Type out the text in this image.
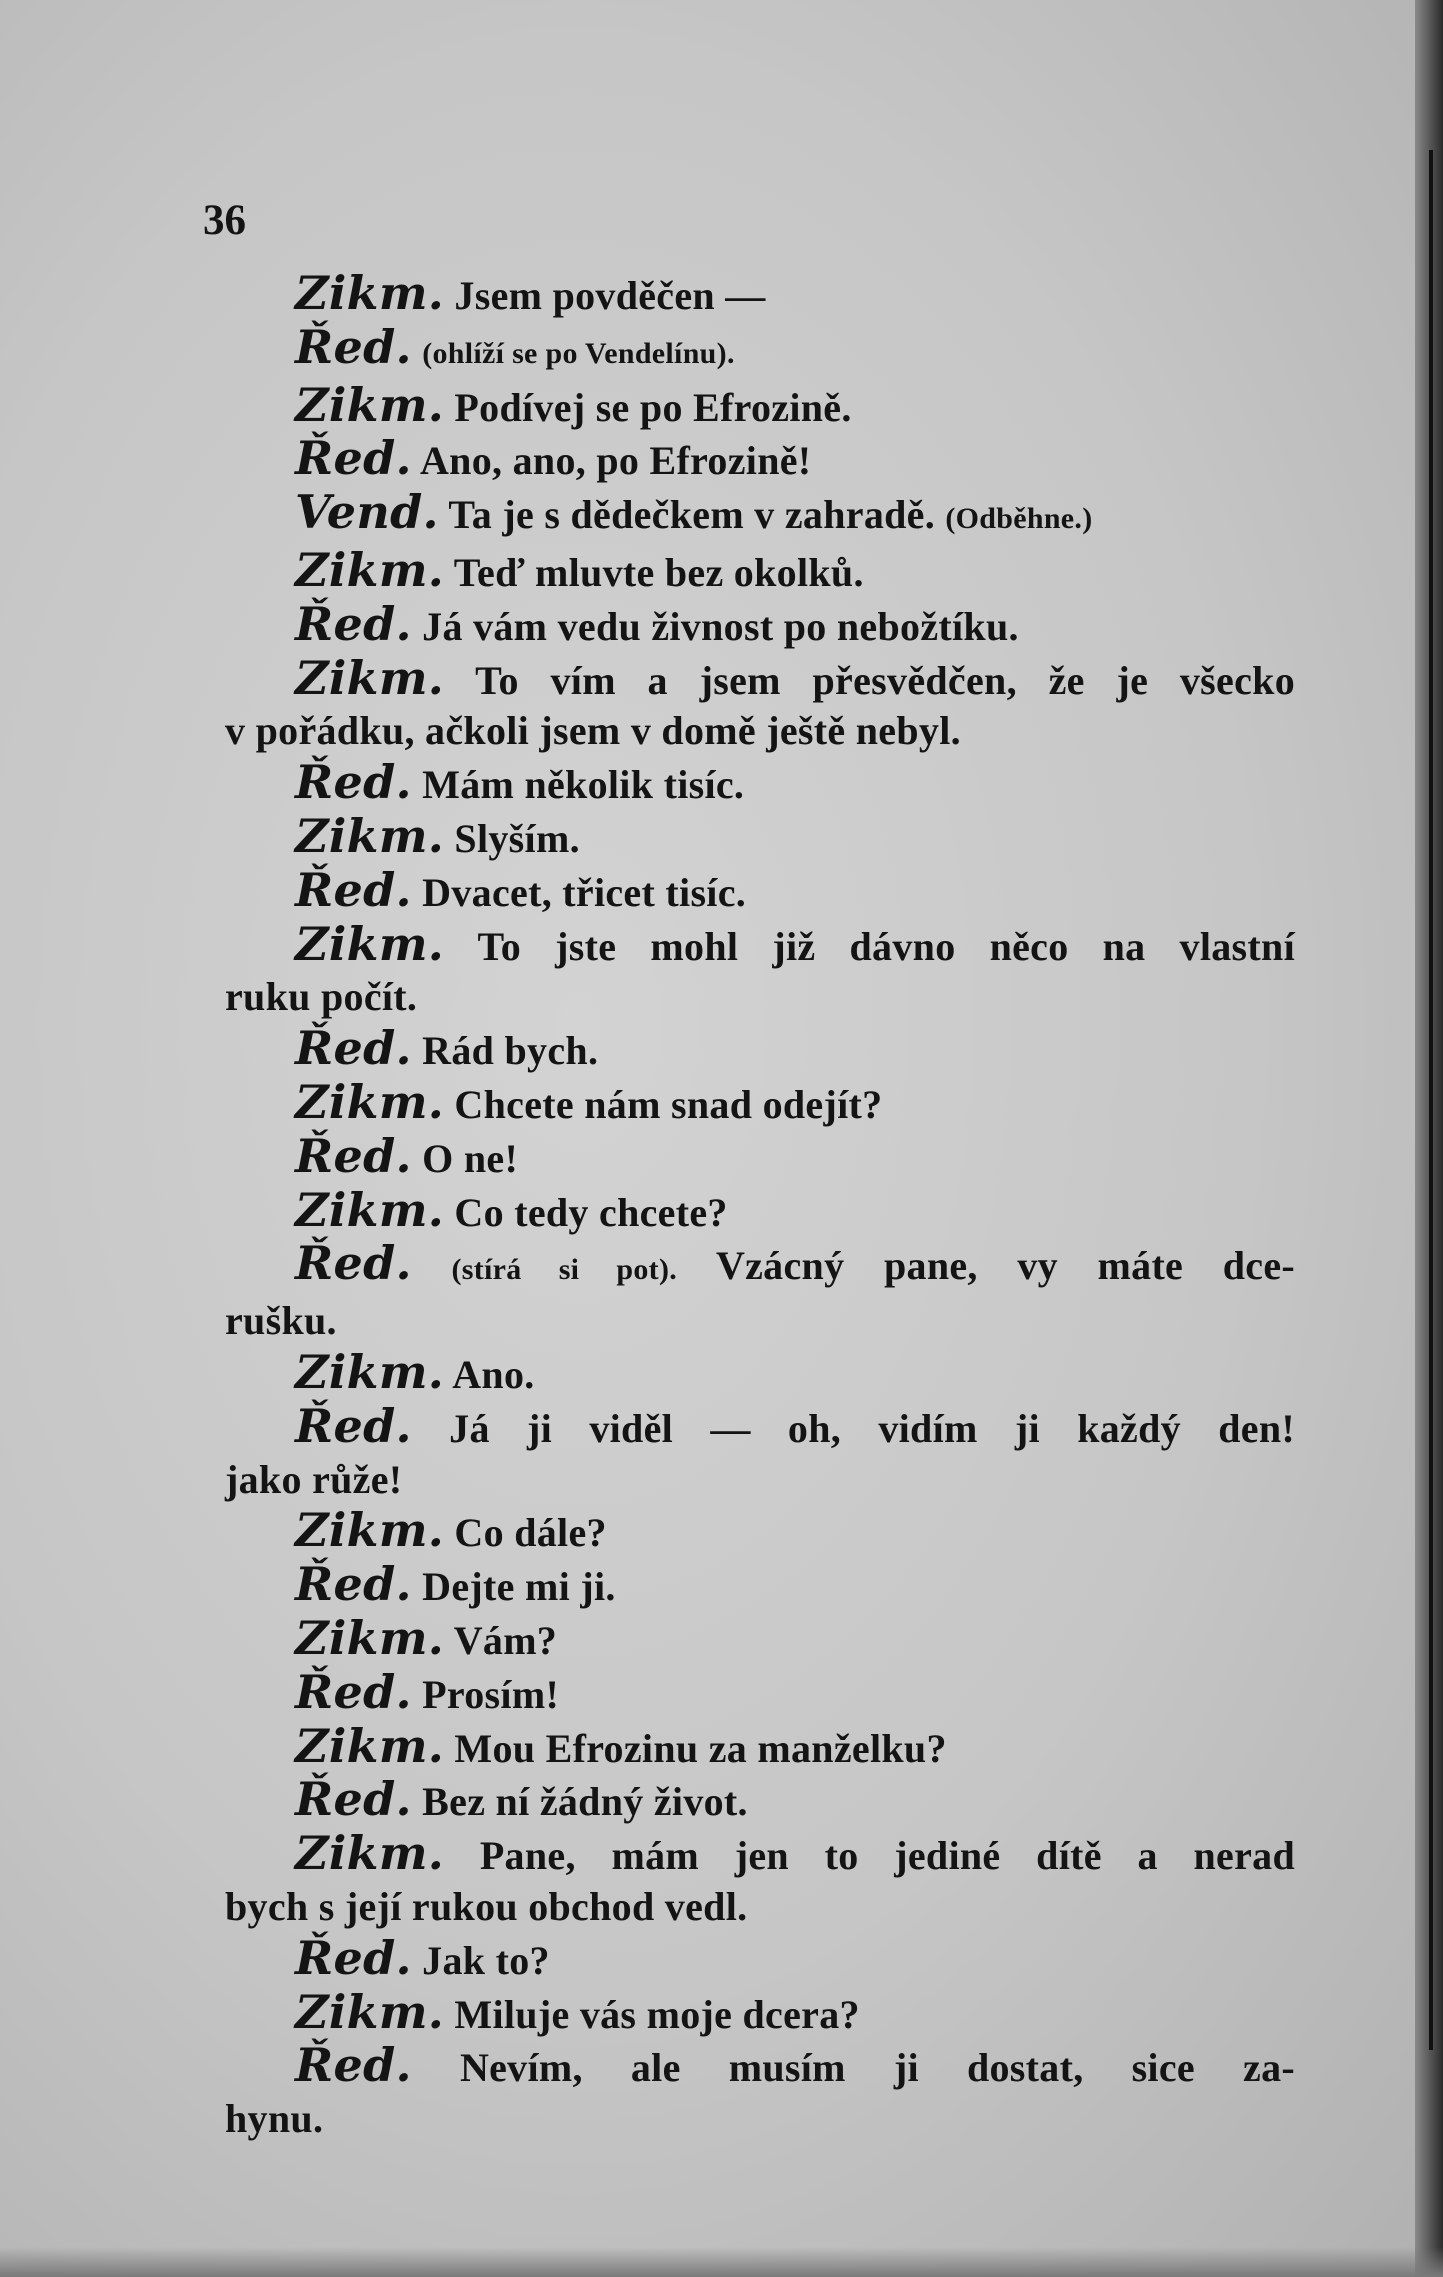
36
Zikm. Jsem povděčen —
Řed. (ohlíží se po Vendelínu).
Zikm. Podívej se po Efrozině.
Řed. Ano, ano, po Efrozině!
Vend. Ta je s dědečkem v zahradě. (Odběhne.)
Zikm. Teď mluvte bez okolků.
Řed. Já vám vedu živnost po nebožtíku.
Zikm. To vím a jsem přesvědčen, že je všecko
v pořádku, ačkoli jsem v domě ještě nebyl.
Řed. Mám několik tisíc.
Zikm. Slyším.
Řed. Dvacet, třicet tisíc.
Zikm. To jste mohl již dávno něco na vlastní
ruku počít.
Řed. Rád bych.
Zikm. Chcete nám snad odejít?
Řed. O ne!
Zikm. Co tedy chcete?
Řed. (stírá si pot). Vzácný pane, vy máte dce-
rušku.
Zikm. Ano.
Řed. Já ji viděl — oh, vidím ji každý den!
jako růže!
Zikm. Co dále?
Řed. Dejte mi ji.
Zikm. Vám?
Řed. Prosím!
Zikm. Mou Efrozinu za manželku?
Řed. Bez ní žádný život.
Zikm. Pane, mám jen to jediné dítě a nerad
bych s její rukou obchod vedl.
Řed. Jak to?
Zikm. Miluje vás moje dcera?
Řed. Nevím, ale musím ji dostat, sice za-
hynu.
